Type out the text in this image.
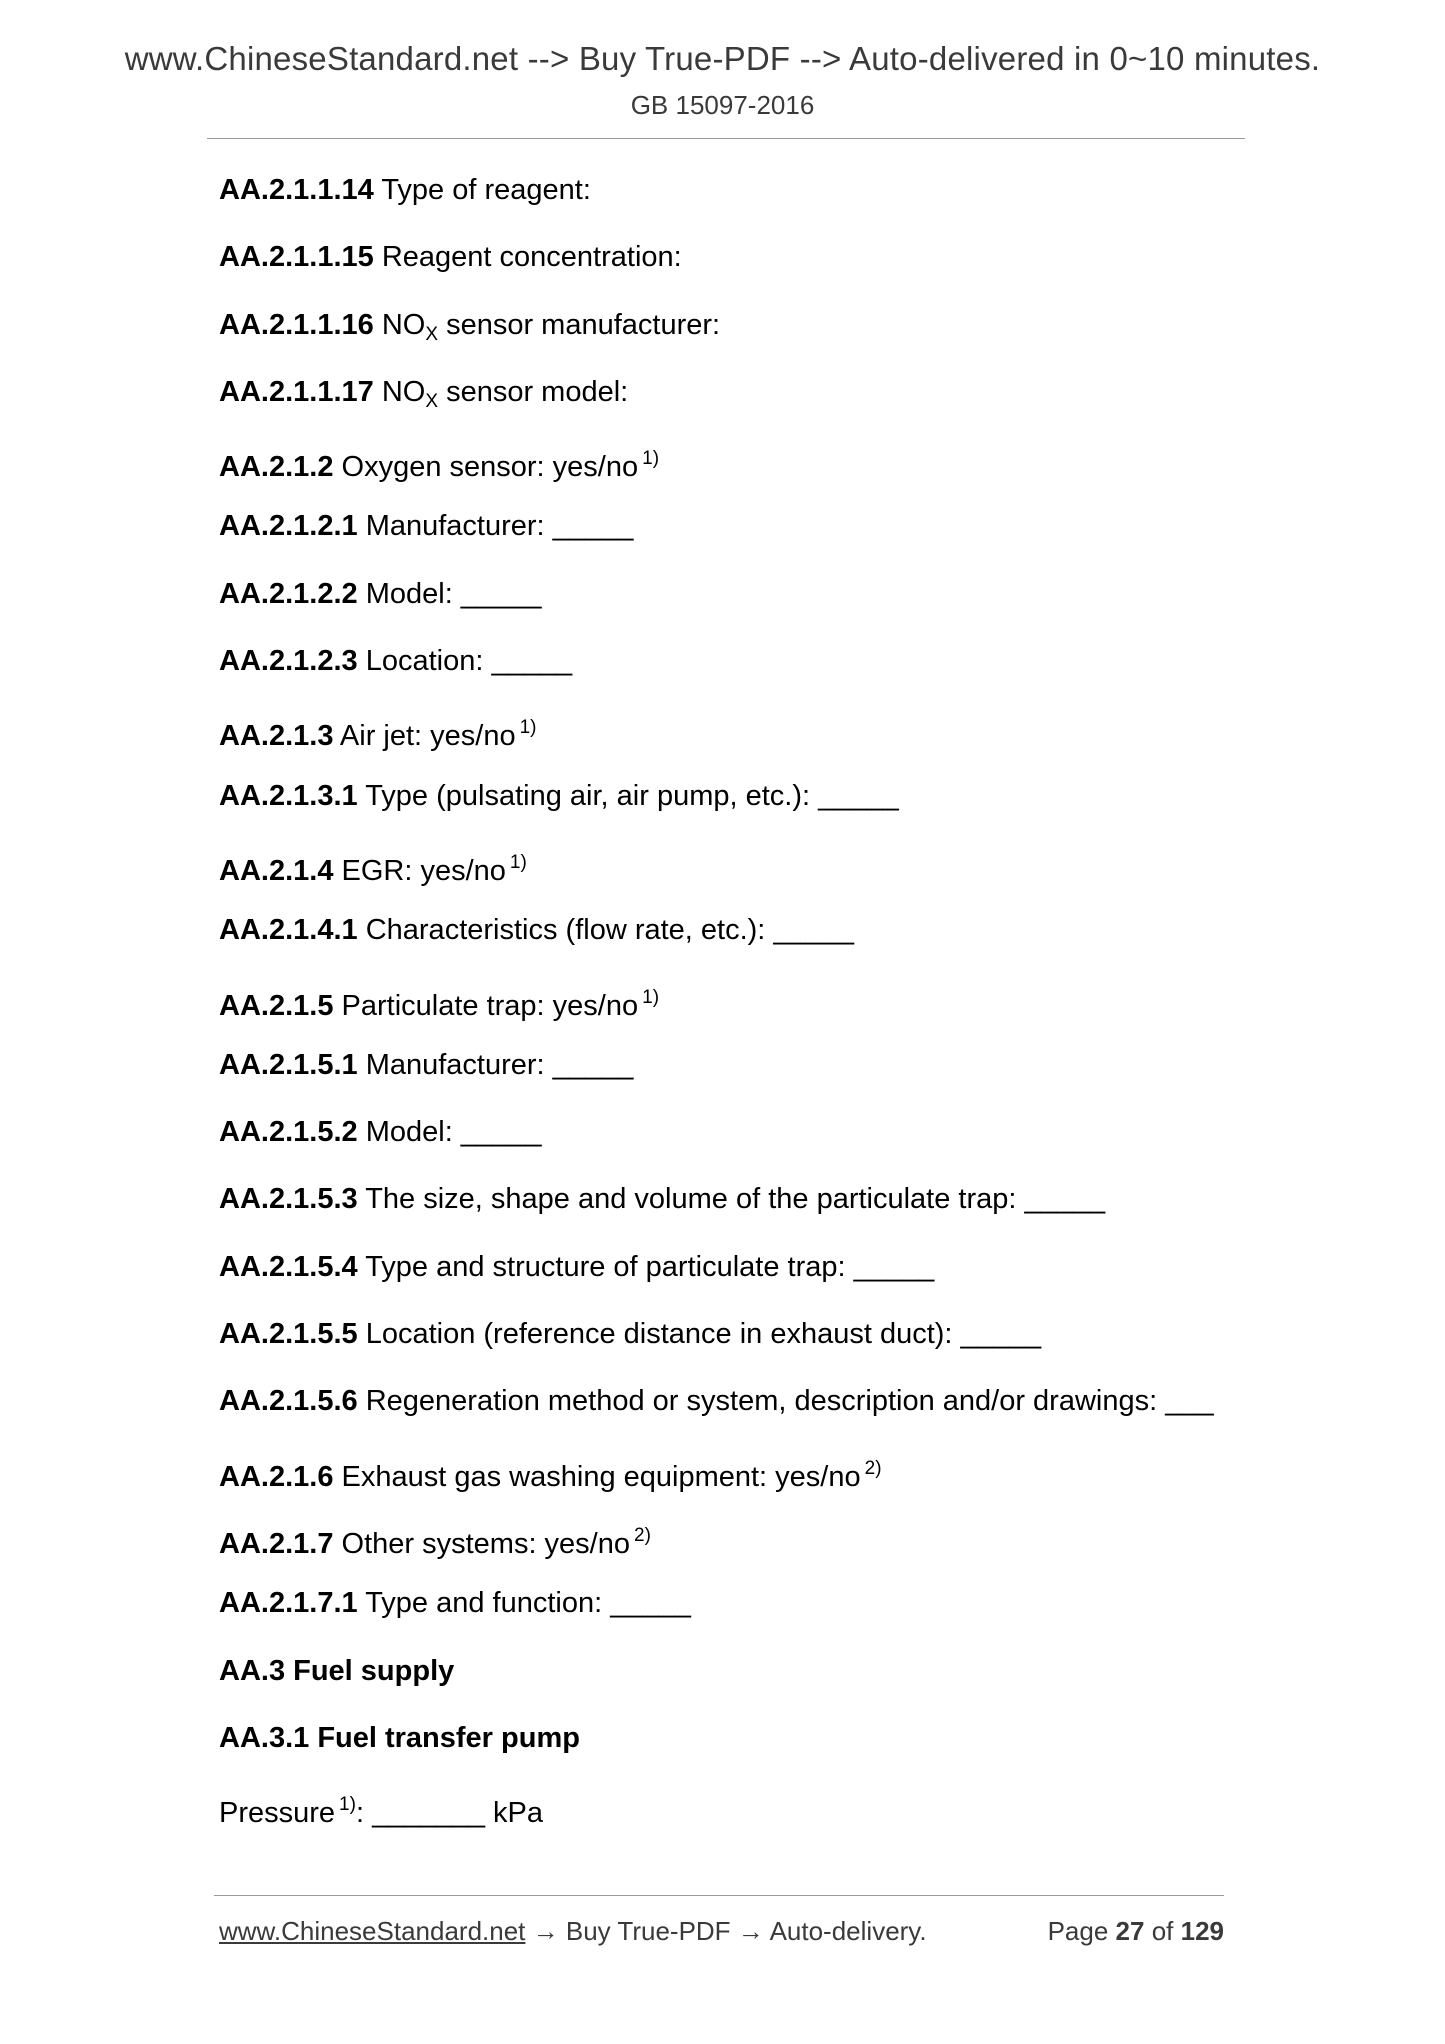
www.ChineseStandard.net --> Buy True-PDF --> Auto-delivered in 0~10 minutes.
GB 15097-2016
AA.2.1.1.14 Type of reagent:
AA.2.1.1.15 Reagent concentration:
AA.2.1.1.16 $NO_X$ sensor manufacturer:
AA.2.1.1.17 $NO_X$ sensor model:
AA.2.1.2 Oxygen sensor: yes/no $^{1)}$
AA.2.1.2.1 Manufacturer: _____
AA.2.1.2.2 Model: _____
AA.2.1.2.3 Location: _____
AA.2.1.3 Air jet: yes/no $^{1)}$
AA.2.1.3.1 Type (pulsating air, air pump, etc.): _____
AA.2.1.4 EGR: yes/no $^{1)}$
AA.2.1.4.1 Characteristics (flow rate, etc.): _____
AA.2.1.5 Particulate trap: yes/no $^{1)}$
AA.2.1.5.1 Manufacturer: _____
AA.2.1.5.2 Model: _____
AA.2.1.5.3 The size, shape and volume of the particulate trap: _____
AA.2.1.5.4 Type and structure of particulate trap: _____
AA.2.1.5.5 Location (reference distance in exhaust duct): _____
AA.2.1.5.6 Regeneration method or system, description and/or drawings: ___
AA.2.1.6 Exhaust gas washing equipment: yes/no $^{2)}$
AA.2.1.7 Other systems: yes/no $^{2)}$
AA.2.1.7.1 Type and function: _____
AA.3 Fuel supply
AA.3.1 Fuel transfer pump
Pressure $^{1)}$: _______ kPa
www.ChineseStandard.net → Buy True-PDF → Auto-delivery.	Page 27 of 129
